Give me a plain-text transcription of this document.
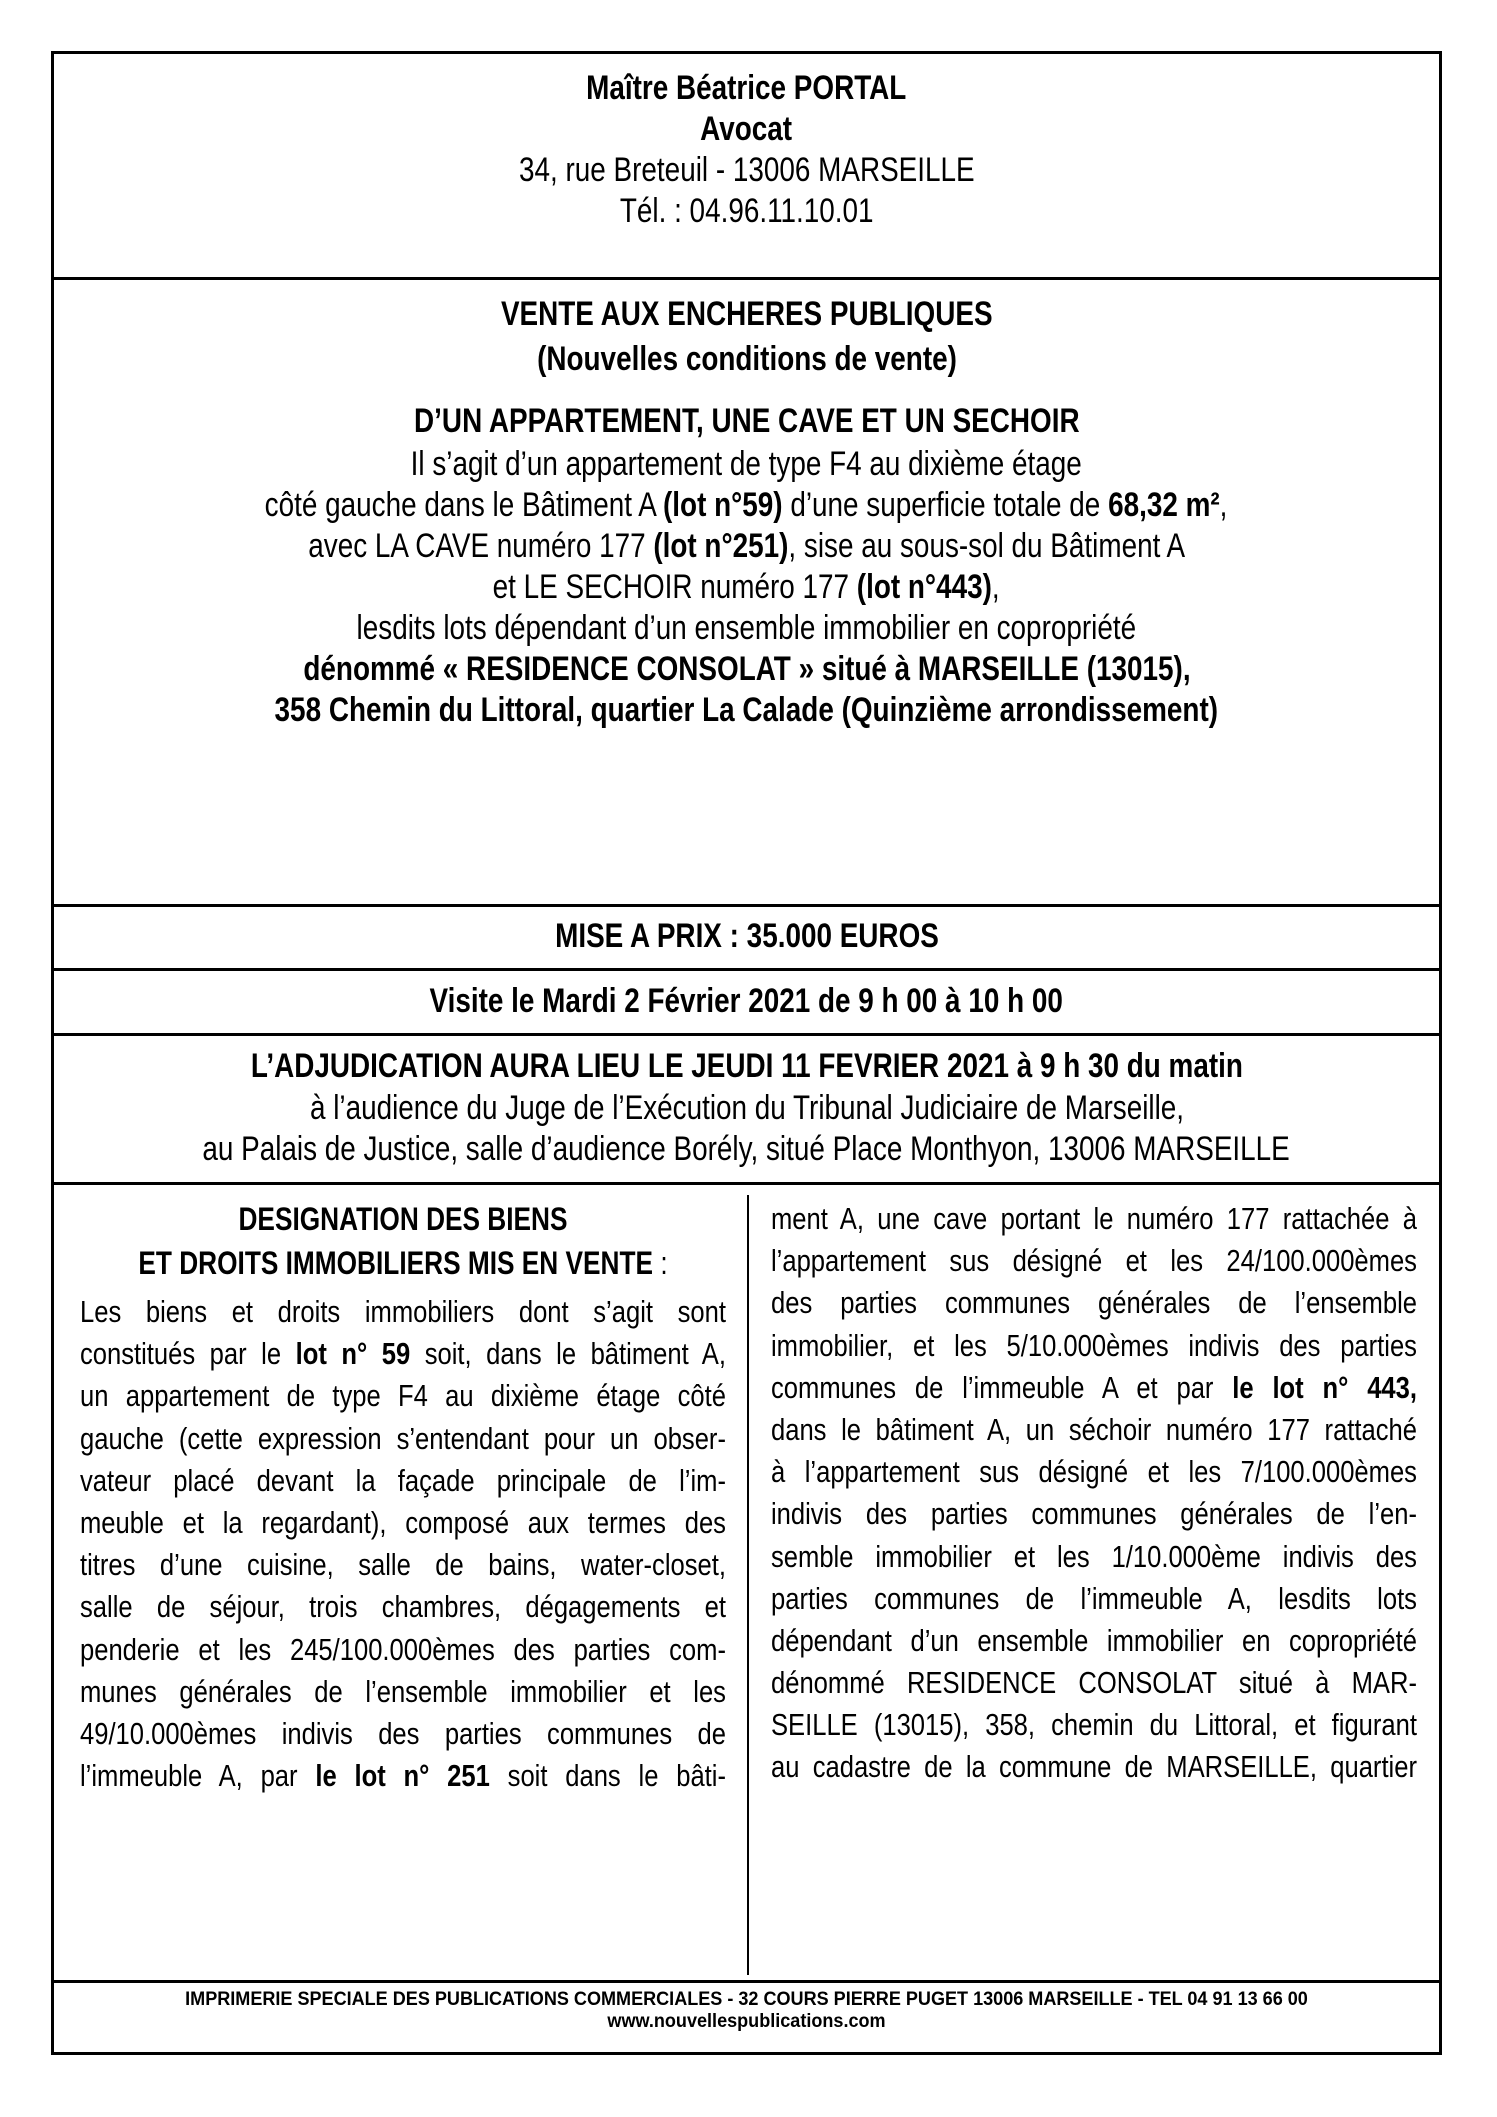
Maître Béatrice PORTAL
Avocat
34, rue Breteuil - 13006 MARSEILLE
Tél. : 04.96.11.10.01
VENTE AUX ENCHERES PUBLIQUES
(Nouvelles conditions de vente)
D’UN APPARTEMENT, UNE CAVE ET UN SECHOIR
Il s’agit d’un appartement de type F4 au dixième étage
côté gauche dans le Bâtiment A (lot n°59) d’une superficie totale de 68,32 m²,
avec LA CAVE numéro 177 (lot n°251), sise au sous-sol du Bâtiment A
et LE SECHOIR numéro 177 (lot n°443),
lesdits lots dépendant d’un ensemble immobilier en copropriété
dénommé « RESIDENCE CONSOLAT » situé à MARSEILLE (13015),
358 Chemin du Littoral, quartier La Calade (Quinzième arrondissement)
MISE A PRIX : 35.000 EUROS
Visite le Mardi 2 Février 2021 de 9 h 00 à 10 h 00
L’ADJUDICATION AURA LIEU LE JEUDI 11 FEVRIER 2021 à 9 h 30 du matin
à l’audience du Juge de l’Exécution du Tribunal Judiciaire de Marseille,
au Palais de Justice, salle d’audience Borély, situé Place Monthyon, 13006 MARSEILLE
DESIGNATION DES BIENS
ET DROITS IMMOBILIERS MIS EN VENTE :
Les biens et droits immobiliers dont s’agit sont
constitués par le lot n° 59 soit, dans le bâtiment A,
un appartement de type F4 au dixième étage côté
gauche (cette expression s’entendant pour un obser-
vateur placé devant la façade principale de l’im-
meuble et la regardant), composé aux termes des
titres d’une cuisine, salle de bains, water-closet,
salle de séjour, trois chambres, dégagements et
penderie et les 245/100.000èmes des parties com-
munes générales de l’ensemble immobilier et les
49/10.000èmes indivis des parties communes de
l’immeuble A, par le lot n° 251 soit dans le bâti-
ment A, une cave portant le numéro 177 rattachée à
l’appartement sus désigné et les 24/100.000èmes
des parties communes générales de l’ensemble
immobilier, et les 5/10.000èmes indivis des parties
communes de l’immeuble A et par le lot n° 443,
dans le bâtiment A, un séchoir numéro 177 rattaché
à l’appartement sus désigné et les 7/100.000èmes
indivis des parties communes générales de l’en-
semble immobilier et les 1/10.000ème indivis des
parties communes de l’immeuble A, lesdits lots
dépendant d’un ensemble immobilier en copropriété
dénommé RESIDENCE CONSOLAT situé à MAR-
SEILLE (13015), 358, chemin du Littoral, et figurant
au cadastre de la commune de MARSEILLE, quartier
IMPRIMERIE SPECIALE DES PUBLICATIONS COMMERCIALES - 32 COURS PIERRE PUGET 13006 MARSEILLE - TEL 04 91 13 66 00
www.nouvellespublications.com
